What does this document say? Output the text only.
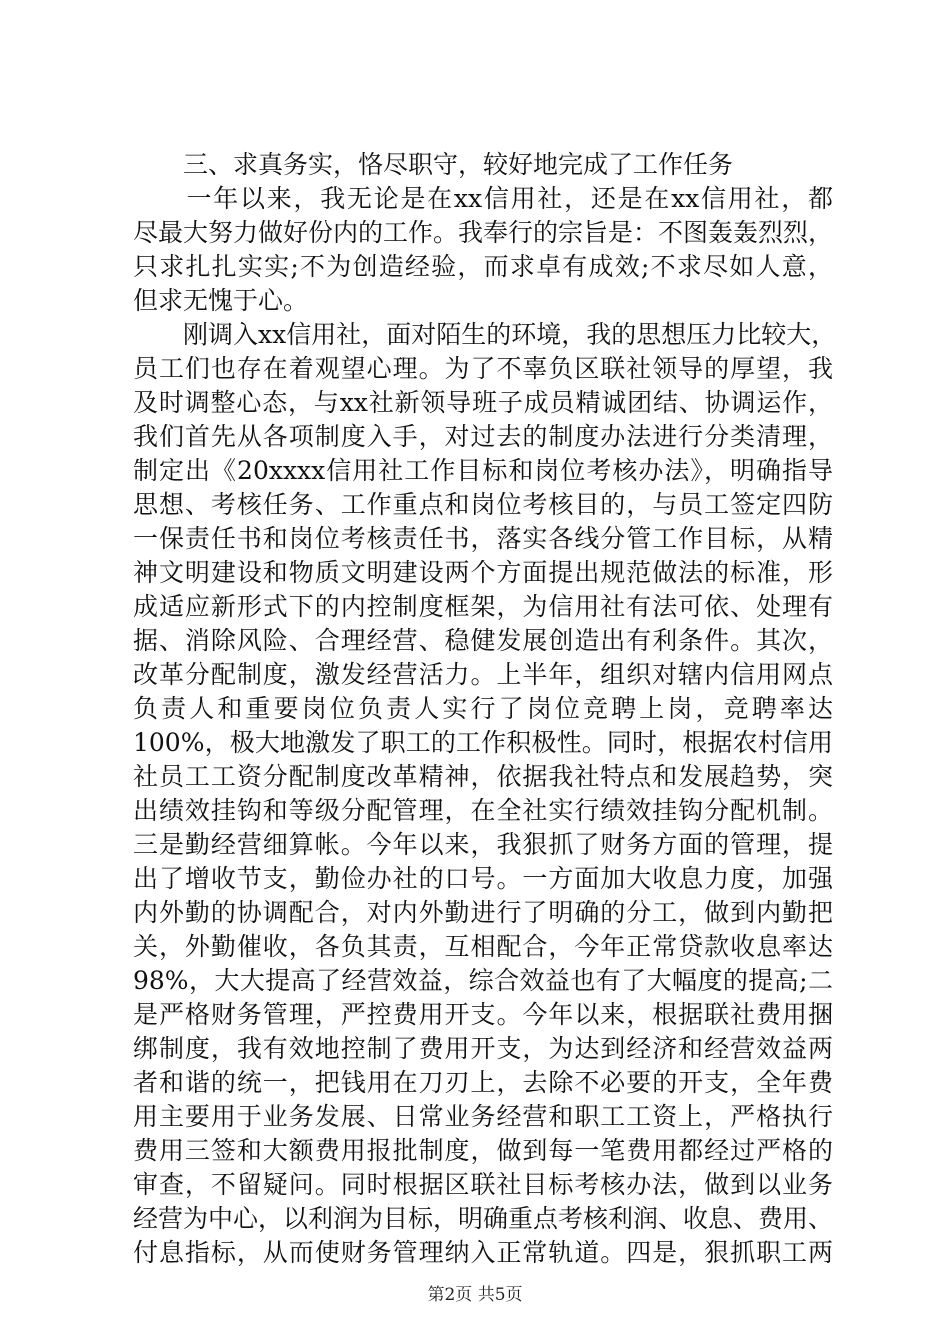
　　三、求真务实，恪尽职守，较好地完成了工作任务
　　一年以来，我无论是在xx信用社，还是在xx信用社，都
尽最大努力做好份内的工作。我奉行的宗旨是：不图轰轰烈烈，
只求扎扎实实;不为创造经验，而求卓有成效;不求尽如人意，
但求无愧于心。
　　刚调入xx信用社，面对陌生的环境，我的思想压力比较大，
员工们也存在着观望心理。为了不辜负区联社领导的厚望，我
及时调整心态，与xx社新领导班子成员精诚团结、协调运作，
我们首先从各项制度入手，对过去的制度办法进行分类清理，
制定出《20xxxx信用社工作目标和岗位考核办法》，明确指导
思想、考核任务、工作重点和岗位考核目的，与员工签定四防
一保责任书和岗位考核责任书，落实各线分管工作目标，从精
神文明建设和物质文明建设两个方面提出规范做法的标准，形
成适应新形式下的内控制度框架，为信用社有法可依、处理有
据、消除风险、合理经营、稳健发展创造出有利条件。其次，
改革分配制度，激发经营活力。上半年，组织对辖内信用网点
负责人和重要岗位负责人实行了岗位竞聘上岗，竞聘率达
100%，极大地激发了职工的工作积极性。同时，根据农村信用
社员工工资分配制度改革精神，依据我社特点和发展趋势，突
出绩效挂钩和等级分配管理，在全社实行绩效挂钩分配机制。
三是勤经营细算帐。今年以来，我狠抓了财务方面的管理，提
出了增收节支，勤俭办社的口号。一方面加大收息力度，加强
内外勤的协调配合，对内外勤进行了明确的分工，做到内勤把
关，外勤催收，各负其责，互相配合，今年正常贷款收息率达
98%，大大提高了经营效益，综合效益也有了大幅度的提高;二
是严格财务管理，严控费用开支。今年以来，根据联社费用捆
绑制度，我有效地控制了费用开支，为达到经济和经营效益两
者和谐的统一，把钱用在刀刃上，去除不必要的开支，全年费
用主要用于业务发展、日常业务经营和职工工资上，严格执行
费用三签和大额费用报批制度，做到每一笔费用都经过严格的
审查，不留疑问。同时根据区联社目标考核办法，做到以业务
经营为中心，以利润为目标，明确重点考核利润、收息、费用、
付息指标，从而使财务管理纳入正常轨道。四是，狠抓职工两
第2页 共5页
